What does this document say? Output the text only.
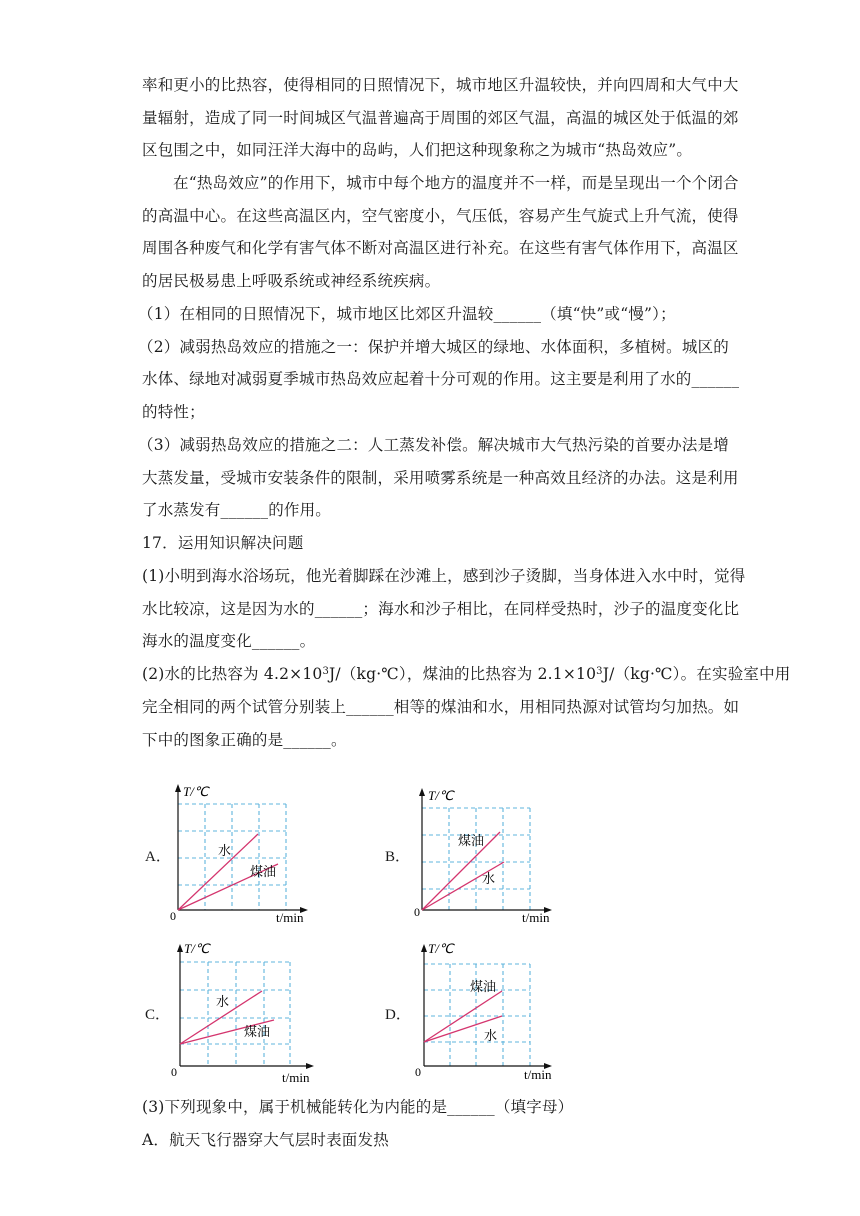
率和更小的比热容，使得相同的日照情况下，城市地区升温较快，并向四周和大气中大
量辐射，造成了同一时间城区气温普遍高于周围的郊区气温，高温的城区处于低温的郊
区包围之中，如同汪洋大海中的岛屿，人们把这种现象称之为城市“热岛效应”。
在“热岛效应”的作用下，城市中每个地方的温度并不一样，而是呈现出一个个闭合
的高温中心。在这些高温区内，空气密度小，气压低，容易产生气旋式上升气流，使得
周围各种废气和化学有害气体不断对高温区进行补充。在这些有害气体作用下，高温区
的居民极易患上呼吸系统或神经系统疾病。
（1）在相同的日照情况下，城市地区比郊区升温较______（填“快”或“慢”）；
（2）减弱热岛效应的措施之一：保护并增大城区的绿地、水体面积，多植树。城区的
水体、绿地对减弱夏季城市热岛效应起着十分可观的作用。这主要是利用了水的______
的特性；
（3）减弱热岛效应的措施之二：人工蒸发补偿。解决城市大气热污染的首要办法是增
大蒸发量，受城市安装条件的限制，采用喷雾系统是一种高效且经济的办法。这是利用
了水蒸发有______的作用。
17．运用知识解决问题
(1)小明到海水浴场玩，他光着脚踩在沙滩上，感到沙子烫脚，当身体进入水中时，觉得
水比较凉，这是因为水的______；海水和沙子相比，在同样受热时，沙子的温度变化比
海水的温度变化______。
(2)水的比热容为 $4.2\times 10^3J/(kg\cdot℃)$，煤油的比热容为 $2.1\times 10^3J/(kg\cdot℃)$。在实验室中用
完全相同的两个试管分别装上______相等的煤油和水，用相同热源对试管均匀加热。如
下中的图象正确的是______。
(3)下列现象中，属于机械能转化为内能的是______（填字母）
A．航天飞行器穿大气层时表面发热
A．	B．
C．	D．
T/℃
t/min
0
水
煤油
T/℃
t/min
0
煤油
水
T/℃
t/min
0
水
煤油
T/℃
t/min
0
煤油
水
